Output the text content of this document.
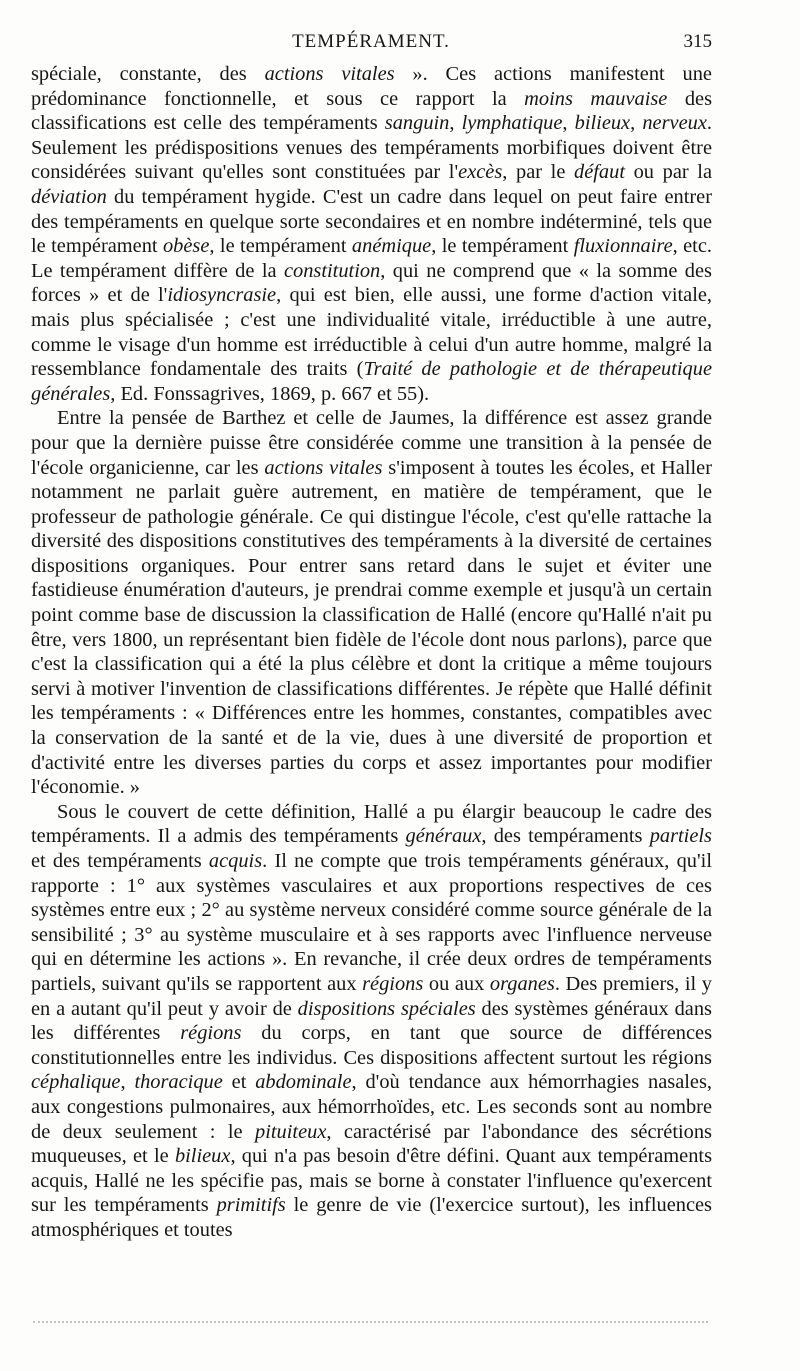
TEMPÉRAMENT.	315

spéciale, constante, des actions vitales ». Ces actions manifestent une prédominance fonctionnelle, et sous ce rapport la moins mauvaise des classifications est celle des tempéraments sanguin, lymphatique, bilieux, nerveux. Seulement les prédispositions venues des tempéraments morbifiques doivent être considérées suivant qu'elles sont constituées par l'excès, par le défaut ou par la déviation du tempérament hygide. C'est un cadre dans lequel on peut faire entrer des tempéraments en quelque sorte secondaires et en nombre indéterminé, tels que le tempérament obèse, le tempérament anémique, le tempérament fluxionnaire, etc. Le tempérament diffère de la constitution, qui ne comprend que « la somme des forces » et de l'idiosyncrasie, qui est bien, elle aussi, une forme d'action vitale, mais plus spécialisée ; c'est une individualité vitale, irréductible à une autre, comme le visage d'un homme est irréductible à celui d'un autre homme, malgré la ressemblance fondamentale des traits (Traité de pathologie et de thérapeutique générales, Ed. Fonssagrives, 1869, p. 667 et 55).

Entre la pensée de Barthez et celle de Jaumes, la différence est assez grande pour que la dernière puisse être considérée comme une transition à la pensée de l'école organicienne, car les actions vitales s'imposent à toutes les écoles, et Haller notamment ne parlait guère autrement, en matière de tempérament, que le professeur de pathologie générale. Ce qui distingue l'école, c'est qu'elle rattache la diversité des dispositions constitutives des tempéraments à la diversité de certaines dispositions organiques. Pour entrer sans retard dans le sujet et éviter une fastidieuse énumération d'auteurs, je prendrai comme exemple et jusqu'à un certain point comme base de discussion la classification de Hallé (encore qu'Hallé n'ait pu être, vers 1800, un représentant bien fidèle de l'école dont nous parlons), parce que c'est la classification qui a été la plus célèbre et dont la critique a même toujours servi à motiver l'invention de classifications différentes. Je répète que Hallé définit les tempéraments : « Différences entre les hommes, constantes, compatibles avec la conservation de la santé et de la vie, dues à une diversité de proportion et d'activité entre les diverses parties du corps et assez importantes pour modifier l'économie. »

Sous le couvert de cette définition, Hallé a pu élargir beaucoup le cadre des tempéraments. Il a admis des tempéraments généraux, des tempéraments partiels et des tempéraments acquis. Il ne compte que trois tempéraments généraux, qu'il rapporte : 1° aux systèmes vasculaires et aux proportions respectives de ces systèmes entre eux ; 2° au système nerveux considéré comme source générale de la sensibilité ; 3° au système musculaire et à ses rapports avec l'influence nerveuse qui en détermine les actions ». En revanche, il crée deux ordres de tempéraments partiels, suivant qu'ils se rapportent aux régions ou aux organes. Des premiers, il y en a autant qu'il peut y avoir de dispositions spéciales des systèmes généraux dans les différentes régions du corps, en tant que source de différences constitutionnelles entre les individus. Ces dispositions affectent surtout les régions céphalique, thoracique et abdominale, d'où tendance aux hémorrhagies nasales, aux congestions pulmonaires, aux hémorrhoïdes, etc. Les seconds sont au nombre de deux seulement : le pituiteux, caractérisé par l'abondance des sécrétions muqueuses, et le bilieux, qui n'a pas besoin d'être défini. Quant aux tempéraments acquis, Hallé ne les spécifie pas, mais se borne à constater l'influence qu'exercent sur les tempéraments primitifs le genre de vie (l'exercice surtout), les influences atmosphériques et toutes
